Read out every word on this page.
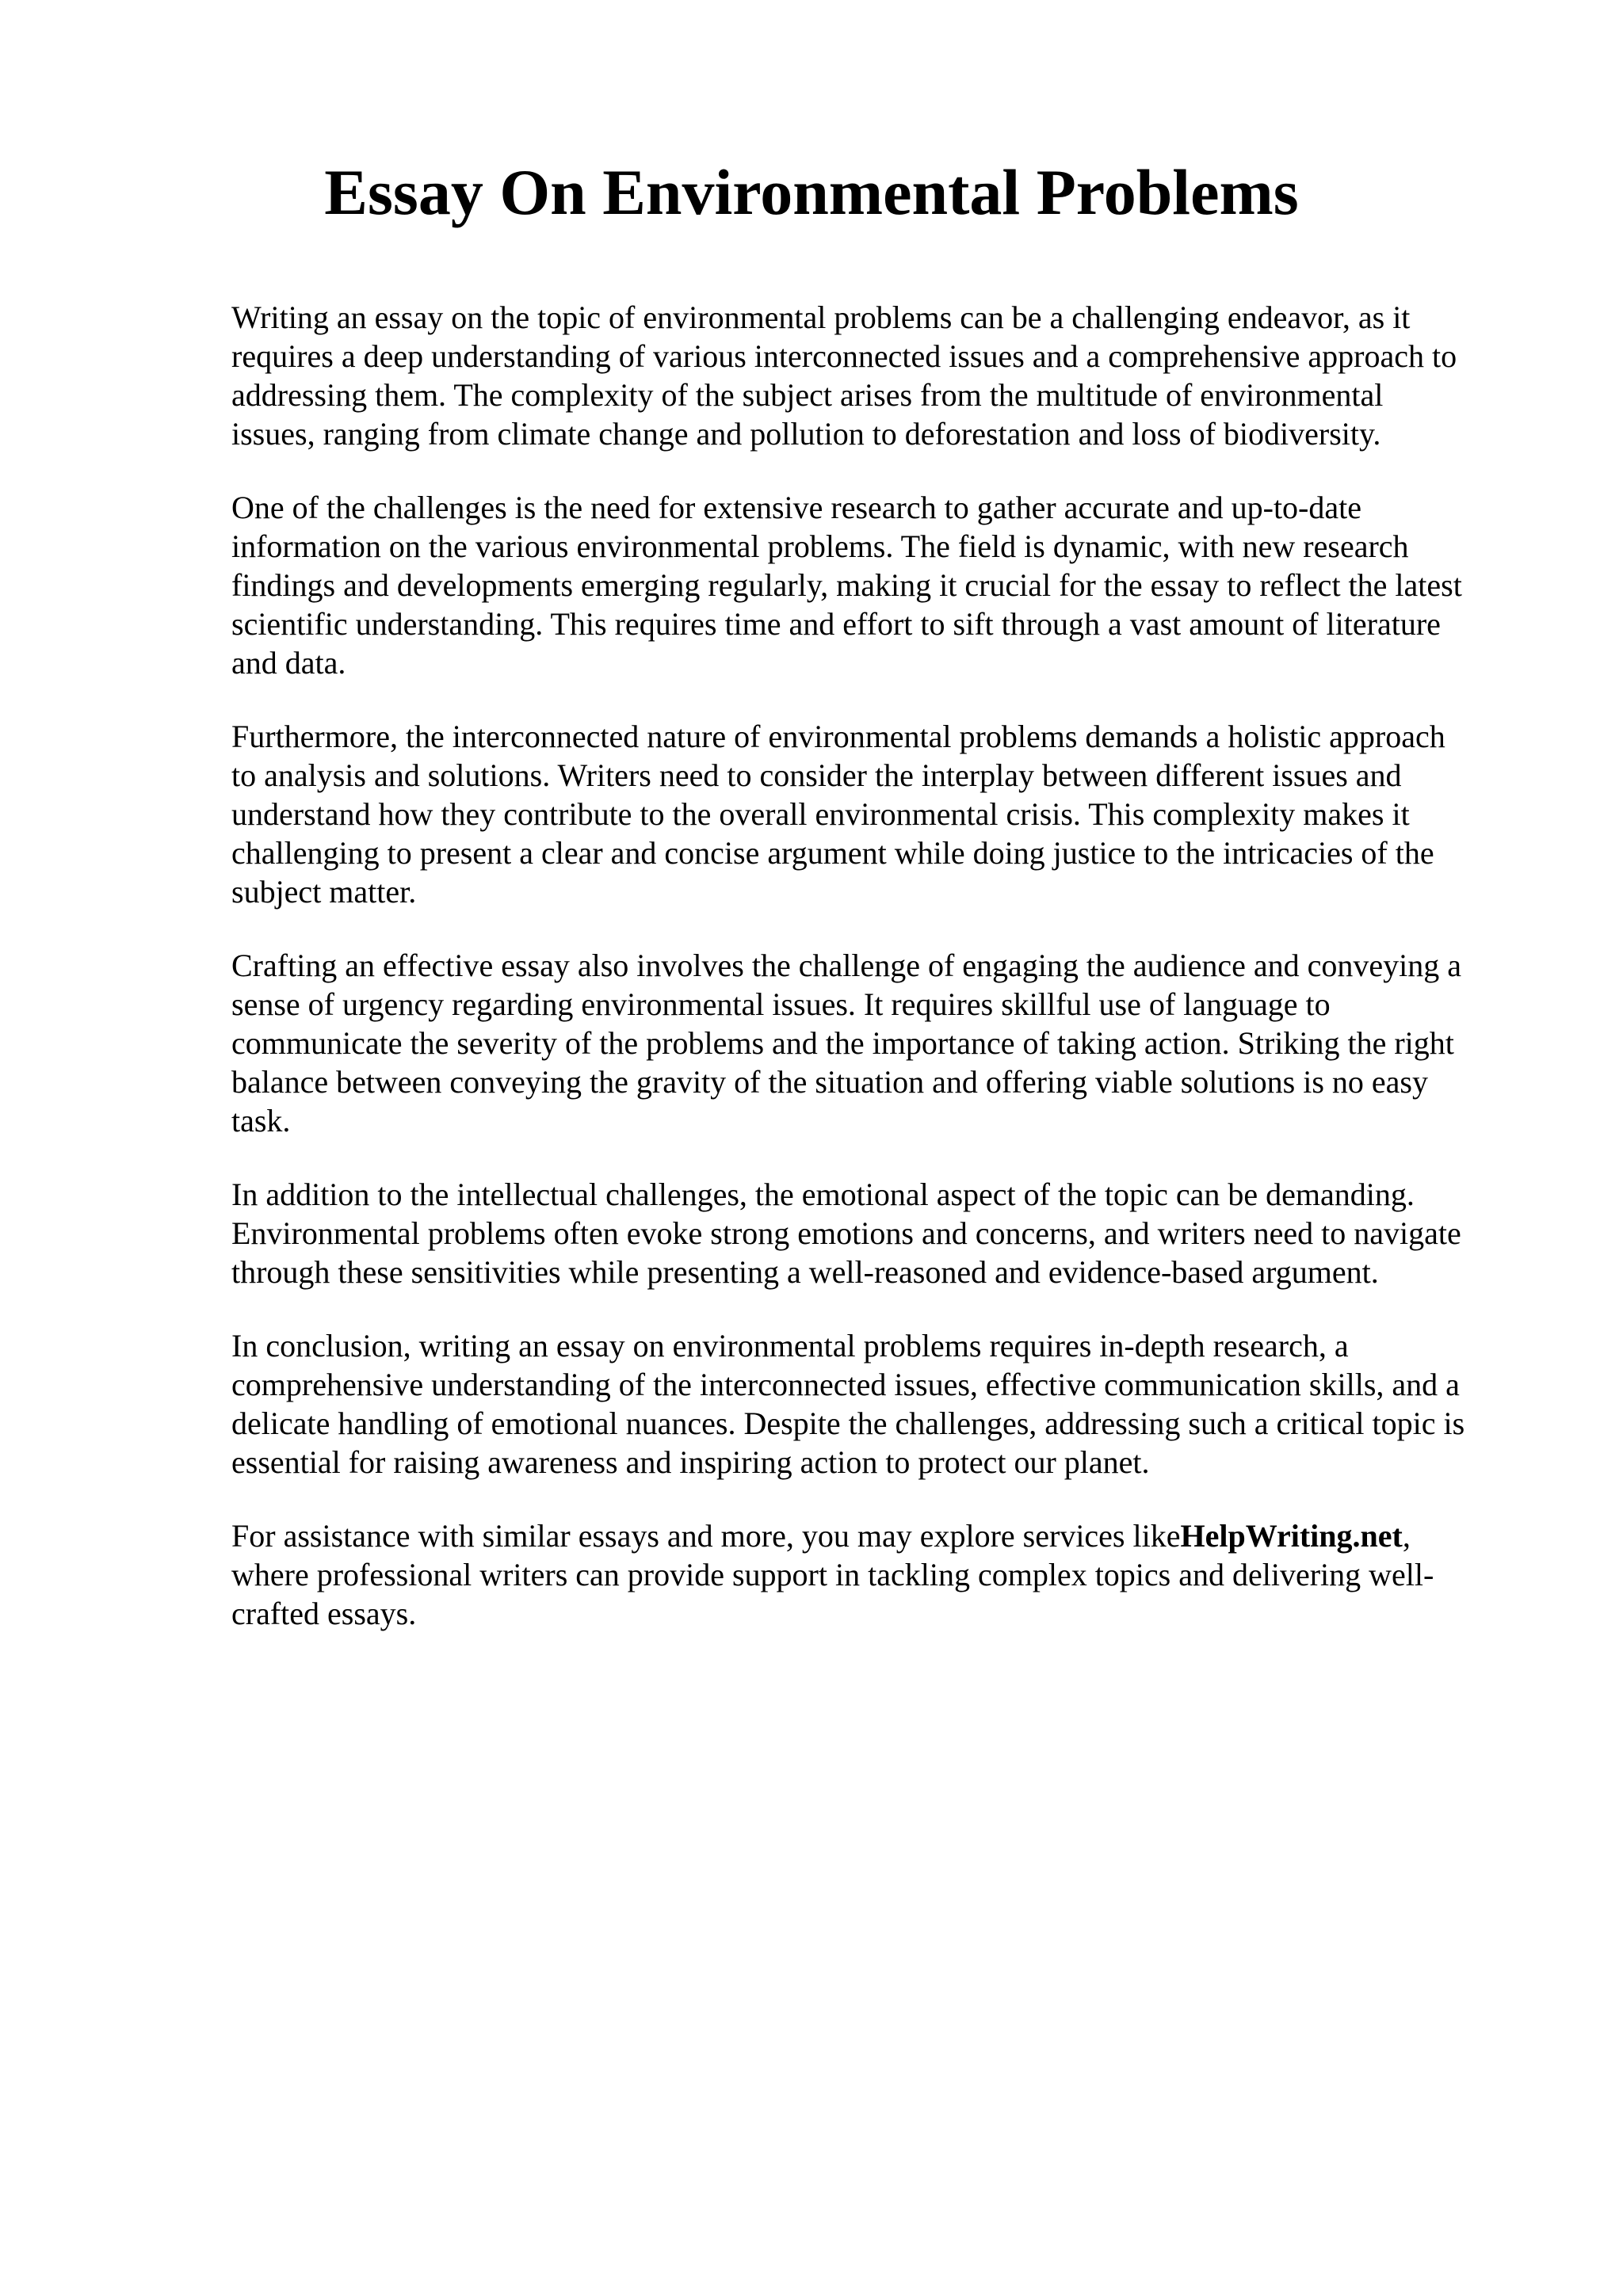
Essay On Environmental Problems

Writing an essay on the topic of environmental problems can be a challenging endeavor, as it
requires a deep understanding of various interconnected issues and a comprehensive approach to
addressing them. The complexity of the subject arises from the multitude of environmental
issues, ranging from climate change and pollution to deforestation and loss of biodiversity.

One of the challenges is the need for extensive research to gather accurate and up-to-date
information on the various environmental problems. The field is dynamic, with new research
findings and developments emerging regularly, making it crucial for the essay to reflect the latest
scientific understanding. This requires time and effort to sift through a vast amount of literature
and data.

Furthermore, the interconnected nature of environmental problems demands a holistic approach
to analysis and solutions. Writers need to consider the interplay between different issues and
understand how they contribute to the overall environmental crisis. This complexity makes it
challenging to present a clear and concise argument while doing justice to the intricacies of the
subject matter.

Crafting an effective essay also involves the challenge of engaging the audience and conveying a
sense of urgency regarding environmental issues. It requires skillful use of language to
communicate the severity of the problems and the importance of taking action. Striking the right
balance between conveying the gravity of the situation and offering viable solutions is no easy
task.

In addition to the intellectual challenges, the emotional aspect of the topic can be demanding.
Environmental problems often evoke strong emotions and concerns, and writers need to navigate
through these sensitivities while presenting a well-reasoned and evidence-based argument.

In conclusion, writing an essay on environmental problems requires in-depth research, a
comprehensive understanding of the interconnected issues, effective communication skills, and a
delicate handling of emotional nuances. Despite the challenges, addressing such a critical topic is
essential for raising awareness and inspiring action to protect our planet.

For assistance with similar essays and more, you may explore services likeHelpWriting.net,
where professional writers can provide support in tackling complex topics and delivering well-
crafted essays.
